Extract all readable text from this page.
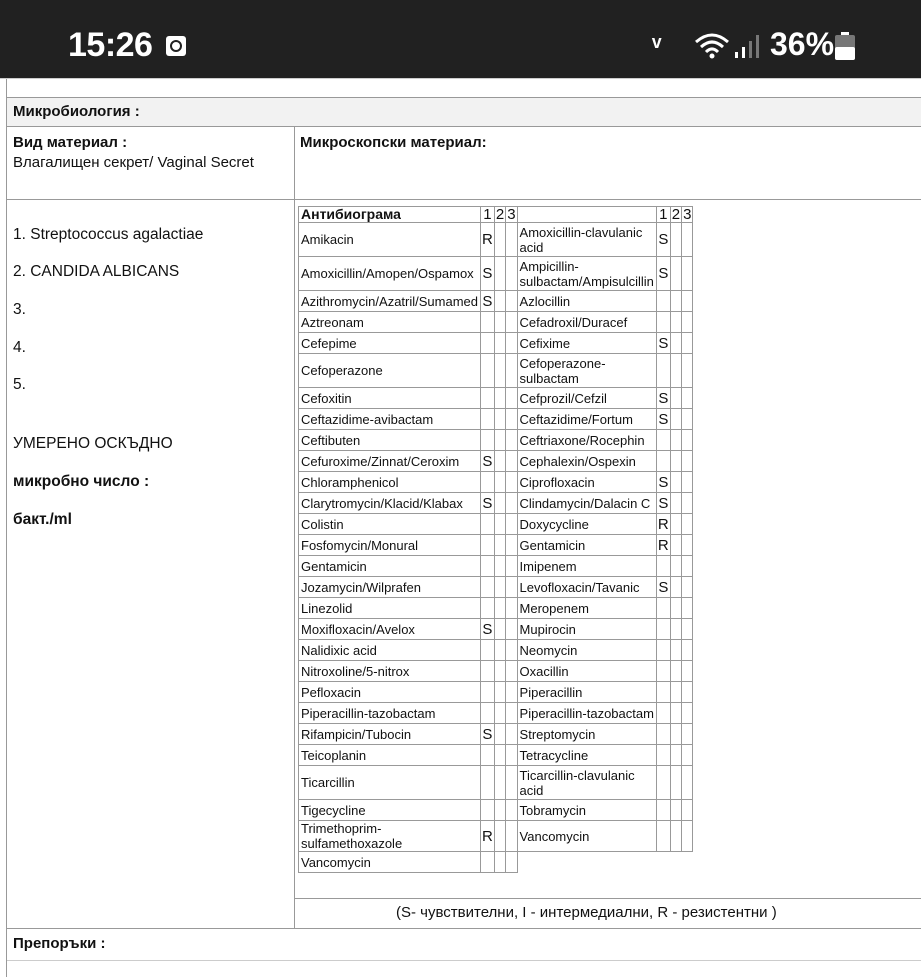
15:26	ᵛ	36%
Микробиология :
Вид материал :
Влагалищен секрет/ Vaginal Secret
Микроскопски материал:
1. Streptococcus agalactiae
2. CANDIDA ALBICANS
3.
4.
5.
УМЕРЕНО ОСКЪДНО
микробно число :
бакт./ml
Антибиограма	1	2	3		1	2	3
Amikacin	R			Amoxicillin-clavulanic acid	S		
Amoxicillin/Amopen/Ospamox	S			Ampicillin-sulbactam/Ampisulcillin	S		
Azithromycin/Azatril/Sumamed	S			Azlocillin			
Aztreonam				Cefadroxil/Duracef			
Cefepime				Cefixime	S		
Cefoperazone				Cefoperazone-sulbactam			
Cefoxitin				Cefprozil/Cefzil	S		
Ceftazidime-avibactam				Ceftazidime/Fortum	S		
Ceftibuten				Ceftriaxone/Rocephin			
Cefuroxime/Zinnat/Ceroxim	S			Cephalexin/Ospexin			
Chloramphenicol				Ciprofloxacin	S		
Clarytromycin/Klacid/Klabax	S			Clindamycin/Dalacin C	S		
Colistin				Doxycycline	R		
Fosfomycin/Monural				Gentamicin	R		
Gentamicin				Imipenem			
Jozamycin/Wilprafen				Levofloxacin/Tavanic	S		
Linezolid				Meropenem			
Moxifloxacin/Avelox	S			Mupirocin			
Nalidixic acid				Neomycin			
Nitroxoline/5-nitrox				Oxacillin			
Pefloxacin				Piperacillin			
Piperacillin-tazobactam				Piperacillin-tazobactam			
Rifampicin/Tubocin	S			Streptomycin			
Teicoplanin				Tetracycline			
Ticarcillin				Ticarcillin-clavulanic acid			
Tigecycline				Tobramycin			
Trimethoprim-sulfamethoxazole	R			Vancomycin			
Vancomycin							
(S- чувствителни, I - интермедиални, R - резистентни )
Препоръки :
